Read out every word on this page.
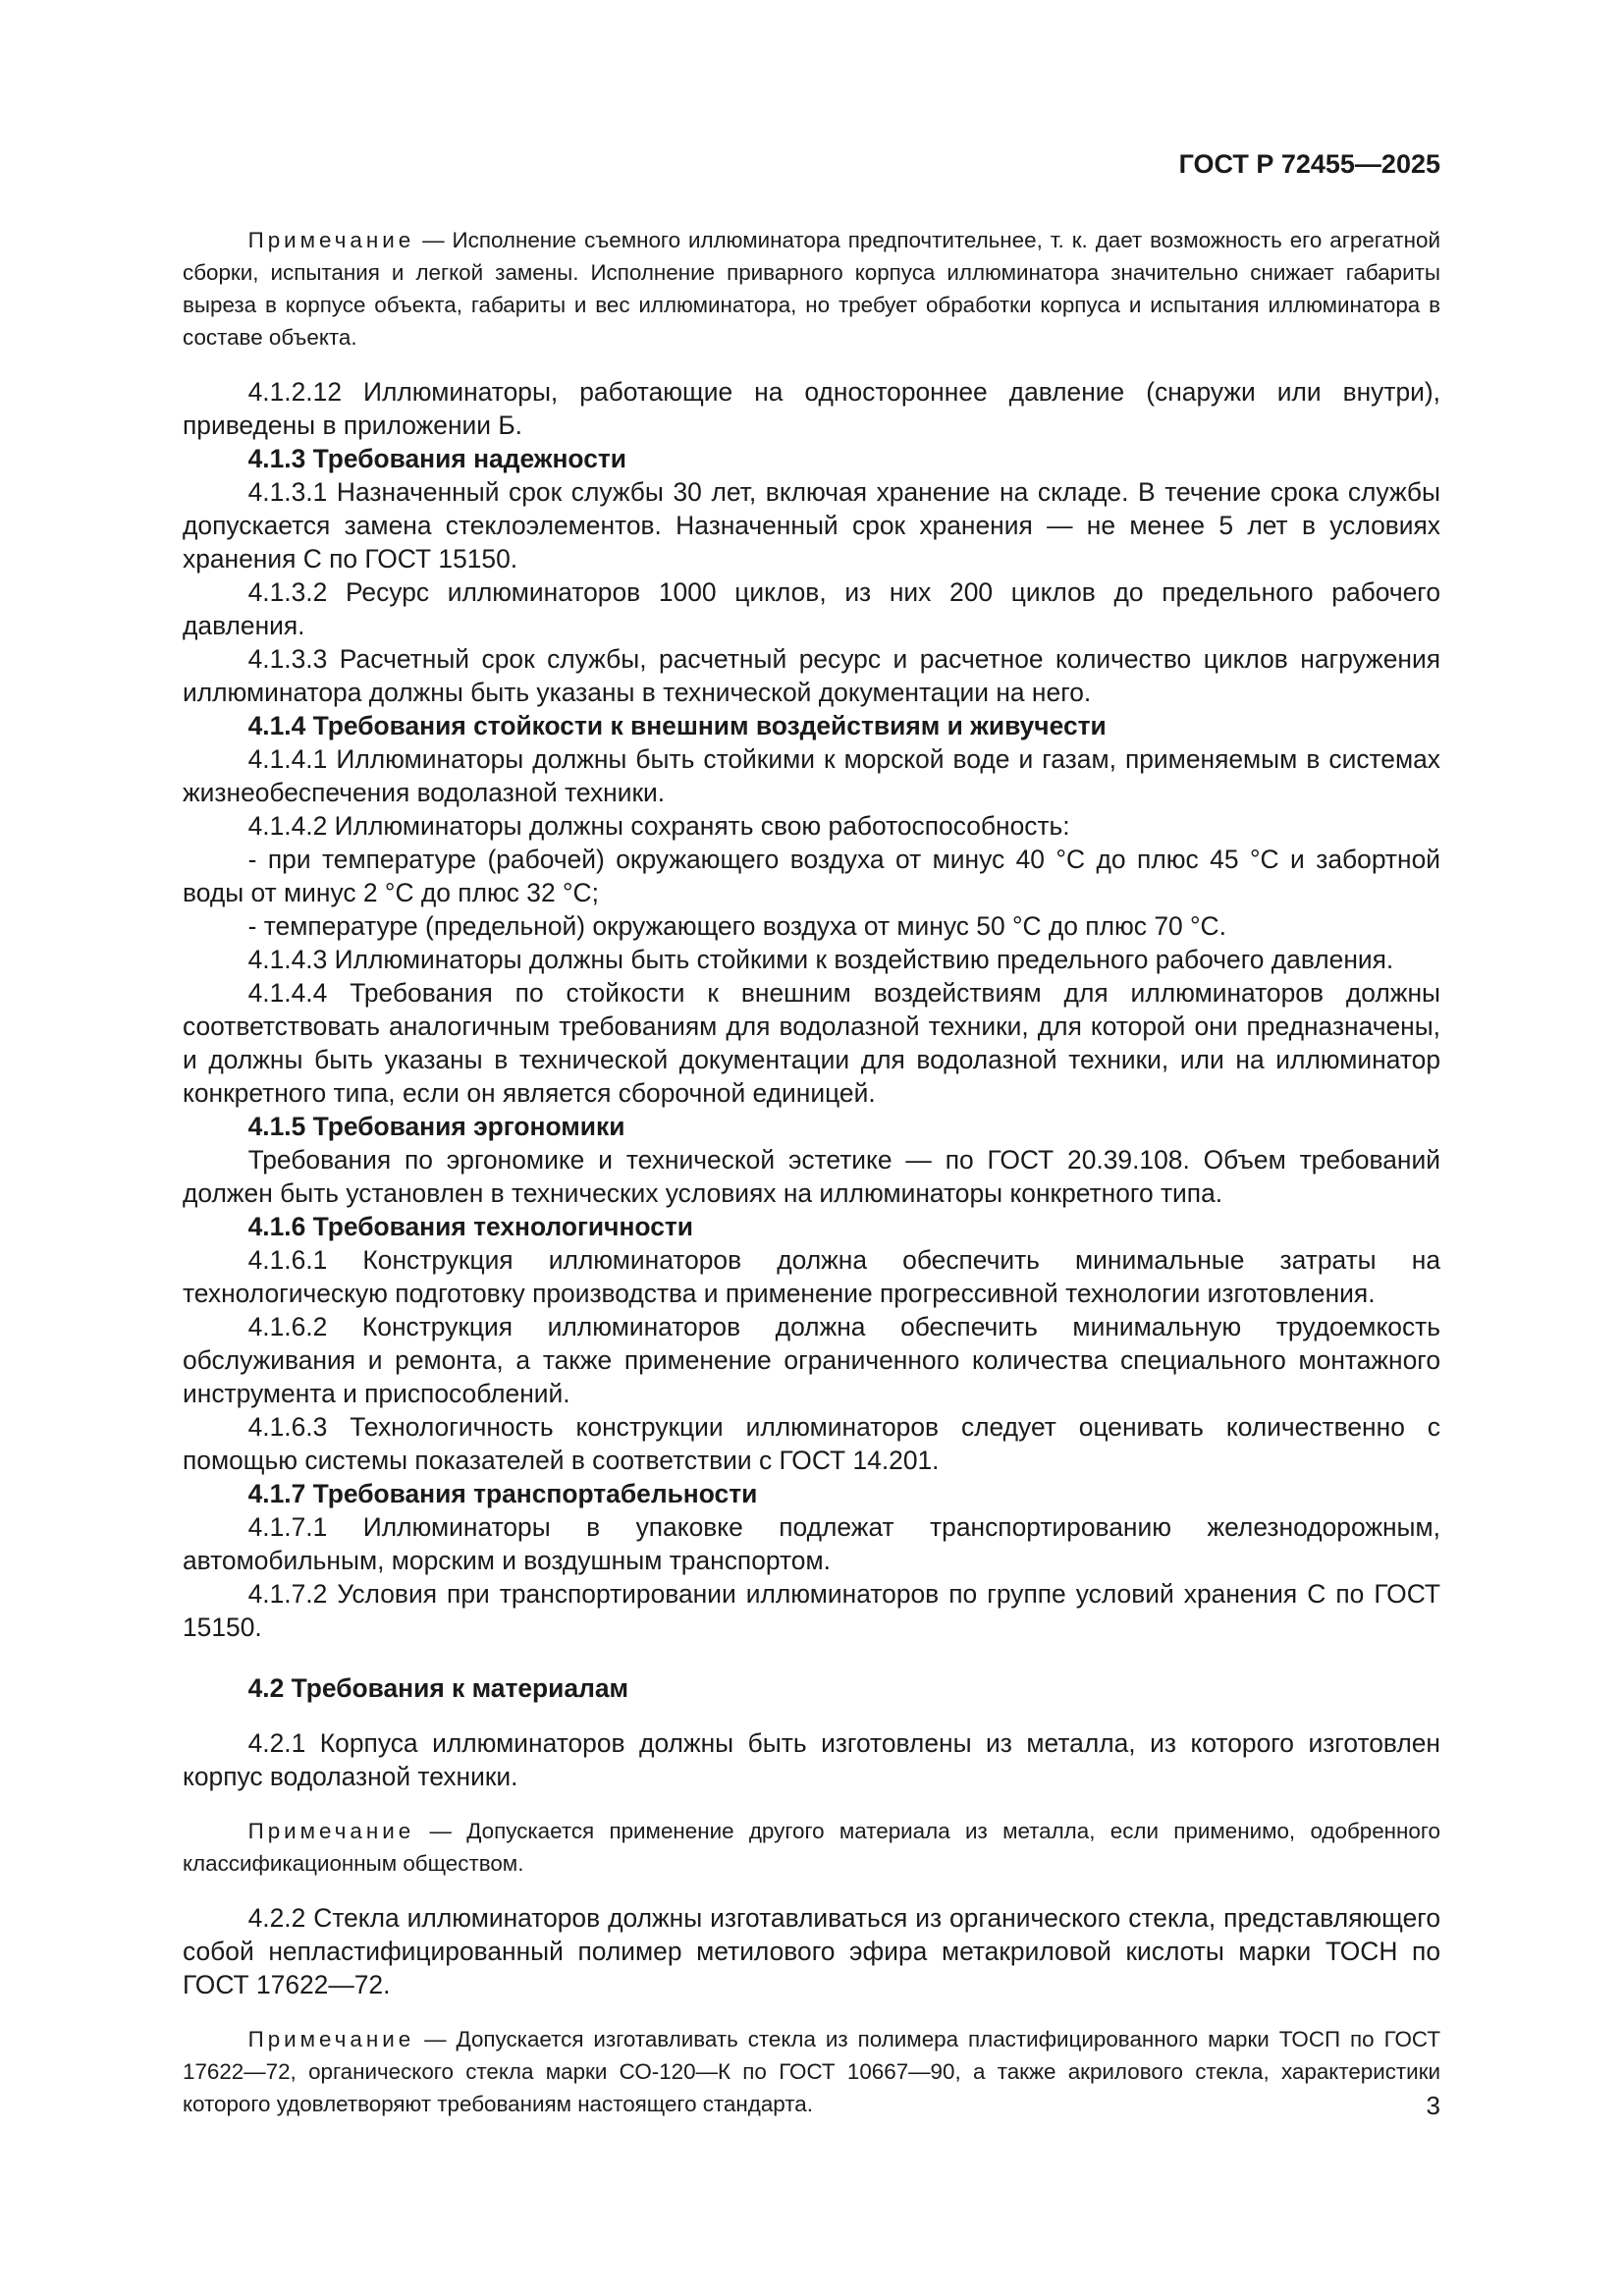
ГОСТ Р 72455—2025

Примечание — Исполнение съемного иллюминатора предпочтительнее, т. к. дает возможность его агрегатной сборки, испытания и легкой замены. Исполнение приварного корпуса иллюминатора значительно снижает габариты выреза в корпусе объекта, габариты и вес иллюминатора, но требует обработки корпуса и испытания иллюминатора в составе объекта.

4.1.2.12 Иллюминаторы, работающие на одностороннее давление (снаружи или внутри), приведены в приложении Б.

4.1.3 Требования надежности

4.1.3.1 Назначенный срок службы 30 лет, включая хранение на складе. В течение срока службы допускается замена стеклоэлементов. Назначенный срок хранения — не менее 5 лет в условиях хранения С по ГОСТ 15150.

4.1.3.2 Ресурс иллюминаторов 1000 циклов, из них 200 циклов до предельного рабочего давления.

4.1.3.3 Расчетный срок службы, расчетный ресурс и расчетное количество циклов нагружения иллюминатора должны быть указаны в технической документации на него.

4.1.4 Требования стойкости к внешним воздействиям и живучести

4.1.4.1 Иллюминаторы должны быть стойкими к морской воде и газам, применяемым в системах жизнеобеспечения водолазной техники.

4.1.4.2 Иллюминаторы должны сохранять свою работоспособность:

- при температуре (рабочей) окружающего воздуха от минус 40 °С до плюс 45 °С и забортной воды от минус 2 °С до плюс 32 °С;

- температуре (предельной) окружающего воздуха от минус 50 °С до плюс 70 °С.

4.1.4.3 Иллюминаторы должны быть стойкими к воздействию предельного рабочего давления.

4.1.4.4 Требования по стойкости к внешним воздействиям для иллюминаторов должны соответствовать аналогичным требованиям для водолазной техники, для которой они предназначены, и должны быть указаны в технической документации для водолазной техники, или на иллюминатор конкретного типа, если он является сборочной единицей.

4.1.5 Требования эргономики

Требования по эргономике и технической эстетике — по ГОСТ 20.39.108. Объем требований должен быть установлен в технических условиях на иллюминаторы конкретного типа.

4.1.6 Требования технологичности

4.1.6.1 Конструкция иллюминаторов должна обеспечить минимальные затраты на технологическую подготовку производства и применение прогрессивной технологии изготовления.

4.1.6.2 Конструкция иллюминаторов должна обеспечить минимальную трудоемкость обслуживания и ремонта, а также применение ограниченного количества специального монтажного инструмента и приспособлений.

4.1.6.3 Технологичность конструкции иллюминаторов следует оценивать количественно с помощью системы показателей в соответствии с ГОСТ 14.201.

4.1.7 Требования транспортабельности

4.1.7.1 Иллюминаторы в упаковке подлежат транспортированию железнодорожным, автомобильным, морским и воздушным транспортом.

4.1.7.2 Условия при транспортировании иллюминаторов по группе условий хранения С по ГОСТ 15150.

4.2 Требования к материалам

4.2.1 Корпуса иллюминаторов должны быть изготовлены из металла, из которого изготовлен корпус водолазной техники.

Примечание — Допускается применение другого материала из металла, если применимо, одобренного классификационным обществом.

4.2.2 Стекла иллюминаторов должны изготавливаться из органического стекла, представляющего собой непластифицированный полимер метилового эфира метакриловой кислоты марки ТОСН по ГОСТ 17622—72.

Примечание — Допускается изготавливать стекла из полимера пластифицированного марки ТОСП по ГОСТ 17622—72, органического стекла марки СО-120—К по ГОСТ 10667—90, а также акрилового стекла, характеристики которого удовлетворяют требованиям настоящего стандарта.	3
